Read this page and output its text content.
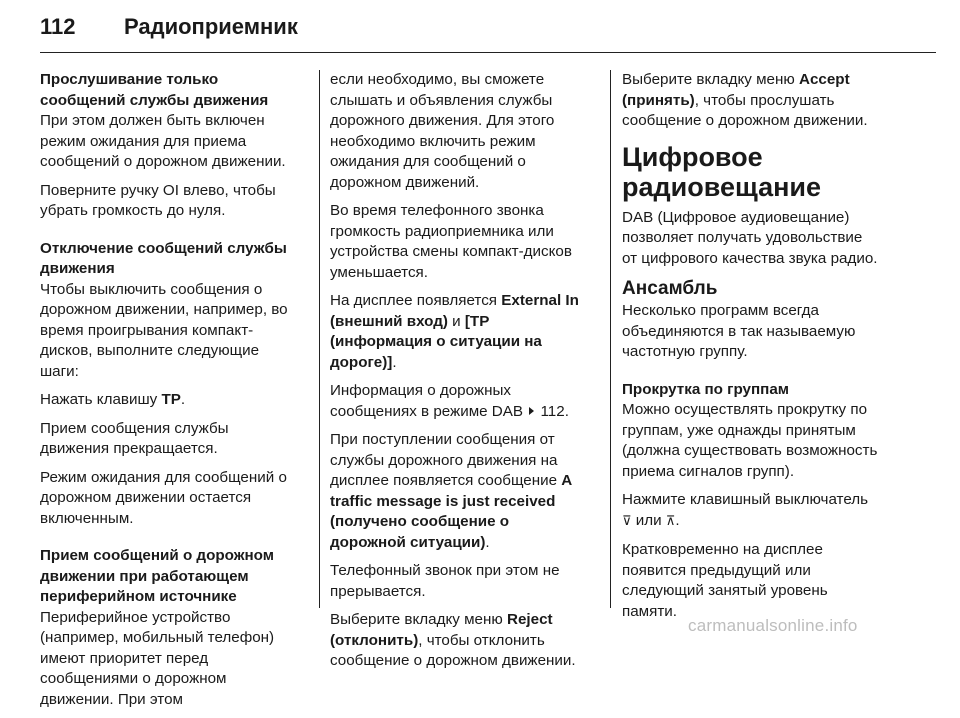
112	Радиоприемник
Прослушивание только сообщений службы движения

При этом должен быть включен режим ожидания для приема сообщений о дорожном движении.

Поверните ручку OI влево, чтобы убрать громкость до нуля.

Отключение сообщений службы движения

Чтобы выключить сообщения о дорожном движении, например, во время проигрывания компакт-дисков, выполните следующие шаги:

Нажать клавишу TP.

Прием сообщения службы движения прекращается.

Режим ожидания для сообщений о дорожном движении остается включенным.

Прием сообщений о дорожном движении при работающем периферийном источнике

Периферийное устройство (например, мобильный телефон) имеют приоритет перед сообщениями о дорожном движении. При этом

если необходимо, вы сможете слышать и объявления службы дорожного движения. Для этого необходимо включить режим ожидания для сообщений о дорожном движений.

Во время телефонного звонка громкость радиоприемника или устройства смены компакт-дисков уменьшается.

На дисплее появляется External In (внешний вход) и [TP (информация о ситуации на дороге)].

Информация о дорожных сообщениях в режиме DAB  112.

При поступлении сообщения от службы дорожного движения на дисплее появляется сообщение A traffic message is just received (получено сообщение о дорожной ситуации).

Телефонный звонок при этом не прерывается.

Выберите вкладку меню Reject (отклонить), чтобы отклонить сообщение о дорожном движении.

Выберите вкладку меню Accept (принять), чтобы прослушать сообщение о дорожном движении.

Цифровое радиовещание

DAB (Цифровое аудиовещание) позволяет получать удовольствие от цифрового качества звука радио.

Ансамбль

Несколько программ всегда объединяются в так называемую частотную группу.

Прокрутка по группам

Можно осуществлять прокрутку по группам, уже однажды принятым (должна существовать возможность приема сигналов групп).

Нажмите клавишный выключатель ⊽ или ⊼.

Кратковременно на дисплее появится предыдущий или следующий занятый уровень памяти.

carmanualsonline.info
